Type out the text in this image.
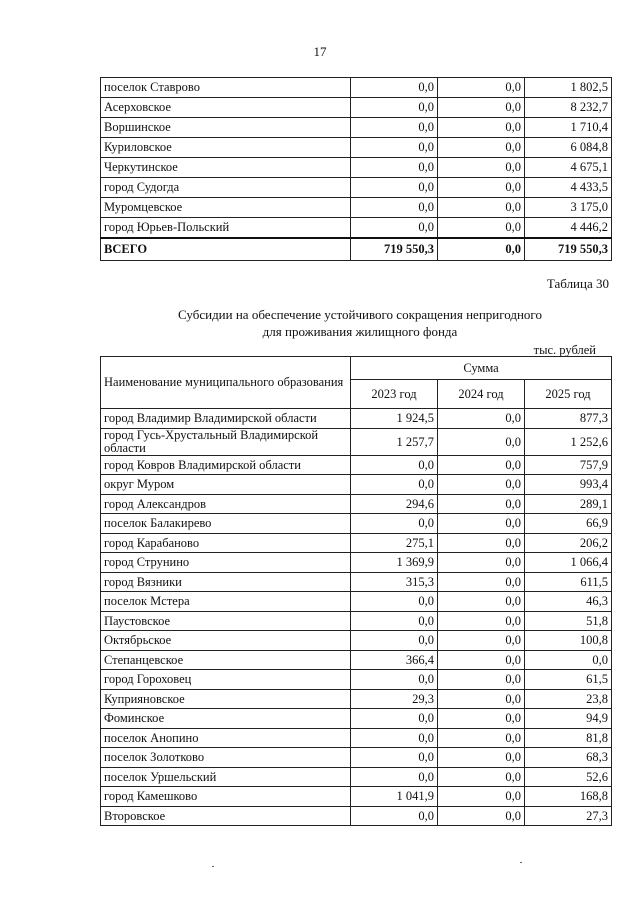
17
поселок Ставрово	0,0	0,0	1 802,5
Асерховское	0,0	0,0	8 232,7
Воршинское	0,0	0,0	1 710,4
Куриловское	0,0	0,0	6 084,8
Черкутинское	0,0	0,0	4 675,1
город Судогда	0,0	0,0	4 433,5
Муромцевское	0,0	0,0	3 175,0
город Юрьев-Польский	0,0	0,0	4 446,2
ВСЕГО	719 550,3	0,0	719 550,3
Таблица 30
Субсидии на обеспечение устойчивого сокращения непригодного
для проживания жилищного фонда
тыс. рублей
Наименование муниципального образования	Сумма		
	2023 год	2024 год	2025 год
город Владимир Владимирской области	1 924,5	0,0	877,3
город Гусь-Хрустальный Владимирской области	1 257,7	0,0	1 252,6
город Ковров Владимирской области	0,0	0,0	757,9
округ Муром	0,0	0,0	993,4
город Александров	294,6	0,0	289,1
поселок Балакирево	0,0	0,0	66,9
город Карабаново	275,1	0,0	206,2
город Струнино	1 369,9	0,0	1 066,4
город Вязники	315,3	0,0	611,5
поселок Мстера	0,0	0,0	46,3
Паустовское	0,0	0,0	51,8
Октябрьское	0,0	0,0	100,8
Степанцевское	366,4	0,0	0,0
город Гороховец	0,0	0,0	61,5
Куприяновское	29,3	0,0	23,8
Фоминское	0,0	0,0	94,9
поселок Анопино	0,0	0,0	81,8
поселок Золотково	0,0	0,0	68,3
поселок Уршельский	0,0	0,0	52,6
город Камешково	1 041,9	0,0	168,8
Второвское	0,0	0,0	27,3
